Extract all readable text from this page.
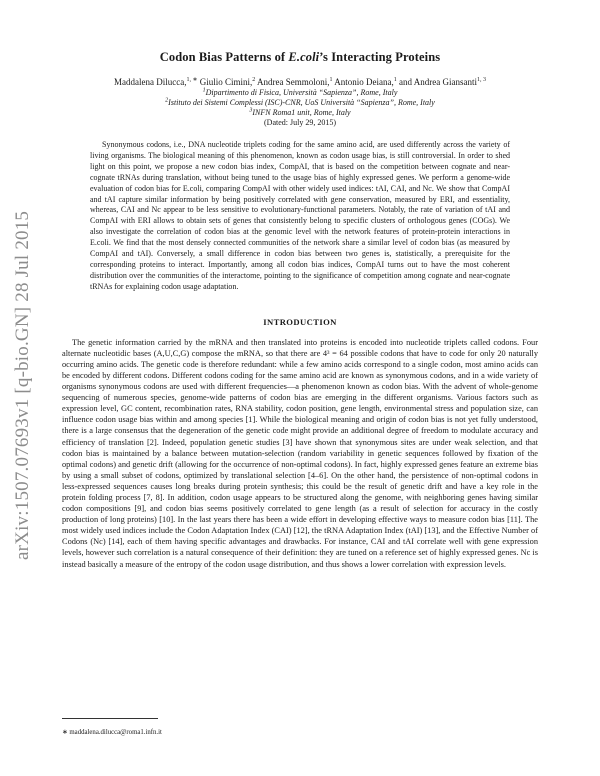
arXiv:1507.07693v1 [q-bio.GN] 28 Jul 2015
Codon Bias Patterns of E.coli’s Interacting Proteins
Maddalena Dilucca,$^{1, ∗}$ Giulio Cimini,$^2$ Andrea Semmoloni,$^1$ Antonio Deiana,$^1$ and Andrea Giansanti$^{1, 3}$
$^1$Dipartimento di Fisica, Università “Sapienza”, Rome, Italy
$^2$Istituto dei Sistemi Complessi (ISC)-CNR, UoS Università “Sapienza”, Rome, Italy
$^3$INFN Roma1 unit, Rome, Italy
(Dated: July 29, 2015)

Synonymous codons, i.e., DNA nucleotide triplets coding for the same amino acid, are used differently across the variety of living organisms. The biological meaning of this phenomenon, known as codon usage bias, is still controversial. In order to shed light on this point, we propose a new codon bias index, CompAI, that is based on the competition between cognate and near-cognate tRNAs during translation, without being tuned to the usage bias of highly expressed genes. We perform a genome-wide evaluation of codon bias for E.coli, comparing CompAI with other widely used indices: tAI, CAI, and Nc. We show that CompAI and tAI capture similar information by being positively correlated with gene conservation, measured by ERI, and essentiality, whereas, CAI and Nc appear to be less sensitive to evolutionary-functional parameters. Notably, the rate of variation of tAI and CompAI with ERI allows to obtain sets of genes that consistently belong to specific clusters of orthologous genes (COGs). We also investigate the correlation of codon bias at the genomic level with the network features of protein-protein interactions in E.coli. We find that the most densely connected communities of the network share a similar level of codon bias (as measured by CompAI and tAI). Conversely, a small difference in codon bias between two genes is, statistically, a prerequisite for the corresponding proteins to interact. Importantly, among all codon bias indices, CompAI turns out to have the most coherent distribution over the communities of the interactome, pointing to the significance of competition among cognate and near-cognate tRNAs for explaining codon usage adaptation.

INTRODUCTION

The genetic information carried by the mRNA and then translated into proteins is encoded into nucleotide triplets called codons. Four alternate nucleotidic bases (A,U,C,G) compose the mRNA, so that there are 4³ = 64 possible codons that have to code for only 20 naturally occurring amino acids. The genetic code is therefore redundant: while a few amino acids correspond to a single codon, most amino acids can be encoded by different codons. Different codons coding for the same amino acid are known as synonymous codons, and in a wide variety of organisms synonymous codons are used with different frequencies—a phenomenon known as codon bias. With the advent of whole-genome sequencing of numerous species, genome-wide patterns of codon bias are emerging in the different organisms. Various factors such as expression level, GC content, recombination rates, RNA stability, codon position, gene length, environmental stress and population size, can influence codon usage bias within and among species [1]. While the biological meaning and origin of codon bias is not yet fully understood, there is a large consensus that the degeneration of the genetic code might provide an additional degree of freedom to modulate accuracy and efficiency of translation [2]. Indeed, population genetic studies [3] have shown that synonymous sites are under weak selection, and that codon bias is maintained by a balance between mutation-selection (random variability in genetic sequences followed by fixation of the optimal codons) and genetic drift (allowing for the occurrence of non-optimal codons). In fact, highly expressed genes feature an extreme bias by using a small subset of codons, optimized by translational selection [4–6]. On the other hand, the persistence of non-optimal codons in less-expressed sequences causes long breaks during protein synthesis; this could be the result of genetic drift and have a key role in the protein folding process [7, 8]. In addition, codon usage appears to be structured along the genome, with neighboring genes having similar codon compositions [9], and codon bias seems positively correlated to gene length (as a result of selection for accuracy in the costly production of long proteins) [10]. In the last years there has been a wide effort in developing effective ways to measure codon bias [11]. The most widely used indices include the Codon Adaptation Index (CAI) [12], the tRNA Adaptation Index (tAI) [13], and the Effective Number of Codons (Nc) [14], each of them having specific advantages and drawbacks. For instance, CAI and tAI correlate well with gene expression levels, however such correlation is a natural consequence of their definition: they are tuned on a reference set of highly expressed genes. Nc is instead basically a measure of the entropy of the codon usage distribution, and thus shows a lower correlation with expression levels.

∗ maddalena.dilucca@roma1.infn.it
